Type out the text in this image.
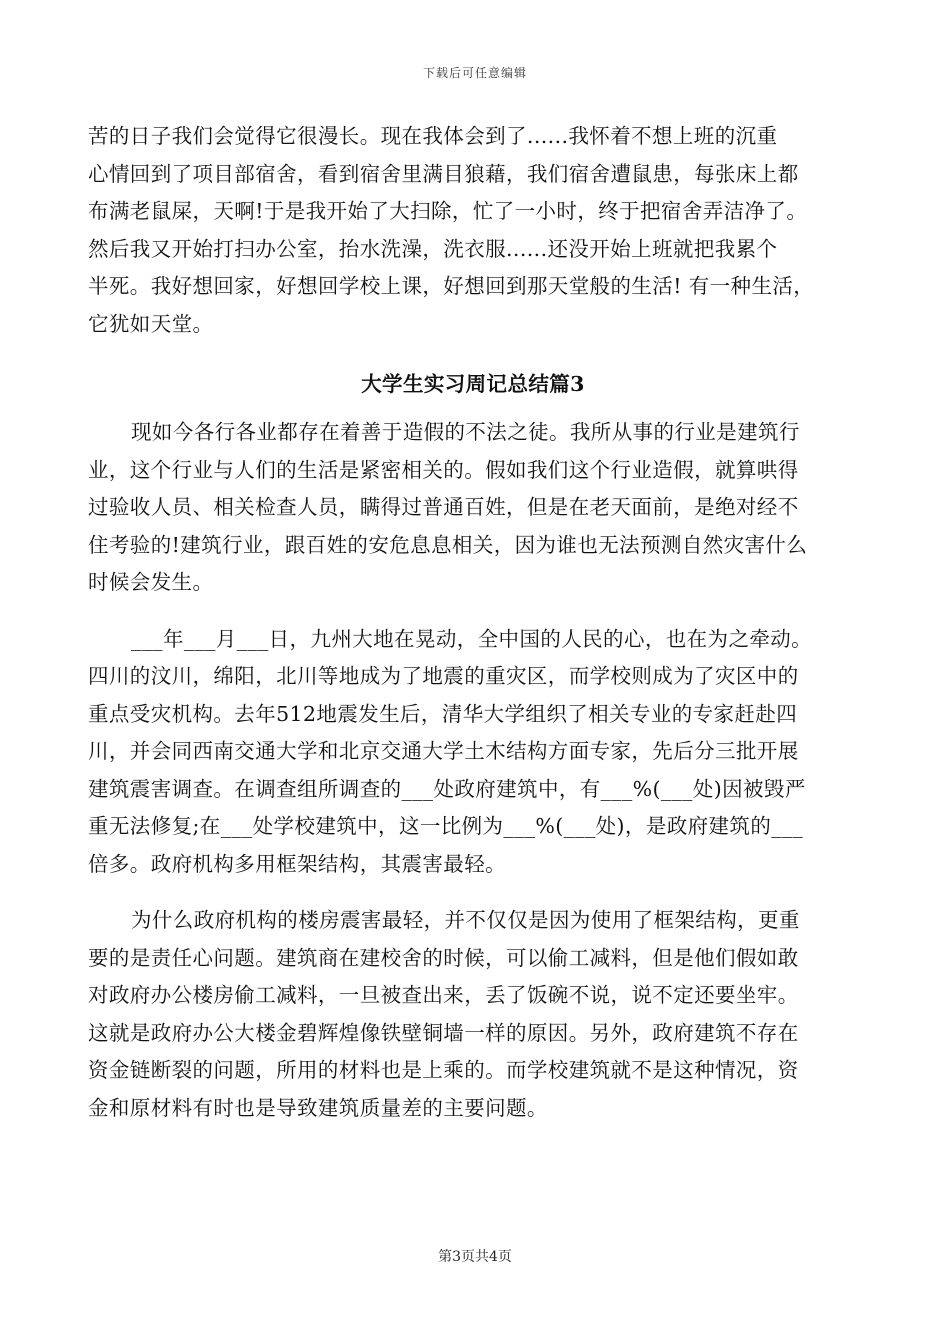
下载后可任意编辑
苦的日子我们会觉得它很漫长。现在我体会到了......我怀着不想上班的沉重
心情回到了项目部宿舍，看到宿舍里满目狼藉，我们宿舍遭鼠患，每张床上都
布满老鼠屎，天啊!于是我开始了大扫除，忙了一小时，终于把宿舍弄洁净了。
然后我又开始打扫办公室，抬水洗澡，洗衣服......还没开始上班就把我累个
半死。我好想回家，好想回学校上课，好想回到那天堂般的生活! 有一种生活，
它犹如天堂。
大学生实习周记总结篇3
现如今各行各业都存在着善于造假的不法之徒。我所从事的行业是建筑行
业，这个行业与人们的生活是紧密相关的。假如我们这个行业造假，就算哄得
过验收人员、相关检查人员，瞒得过普通百姓，但是在老天面前，是绝对经不
住考验的!建筑行业，跟百姓的安危息息相关，因为谁也无法预测自然灾害什么
时候会发生。
___年___月___日，九州大地在晃动，全中国的人民的心，也在为之牵动。
四川的汶川，绵阳，北川等地成为了地震的重灾区，而学校则成为了灾区中的
重点受灾机构。去年512地震发生后，清华大学组织了相关专业的专家赶赴四
川，并会同西南交通大学和北京交通大学土木结构方面专家，先后分三批开展
建筑震害调查。在调查组所调查的___处政府建筑中，有___%(___处)因被毁严
重无法修复;在___处学校建筑中，这一比例为___%(___处)，是政府建筑的___
倍多。政府机构多用框架结构，其震害最轻。
为什么政府机构的楼房震害最轻，并不仅仅是因为使用了框架结构，更重
要的是责任心问题。建筑商在建校舍的时候，可以偷工减料，但是他们假如敢
对政府办公楼房偷工减料，一旦被查出来，丢了饭碗不说，说不定还要坐牢。
这就是政府办公大楼金碧辉煌像铁壁铜墙一样的原因。另外，政府建筑不存在
资金链断裂的问题，所用的材料也是上乘的。而学校建筑就不是这种情况，资
金和原材料有时也是导致建筑质量差的主要问题。
第3页共4页
